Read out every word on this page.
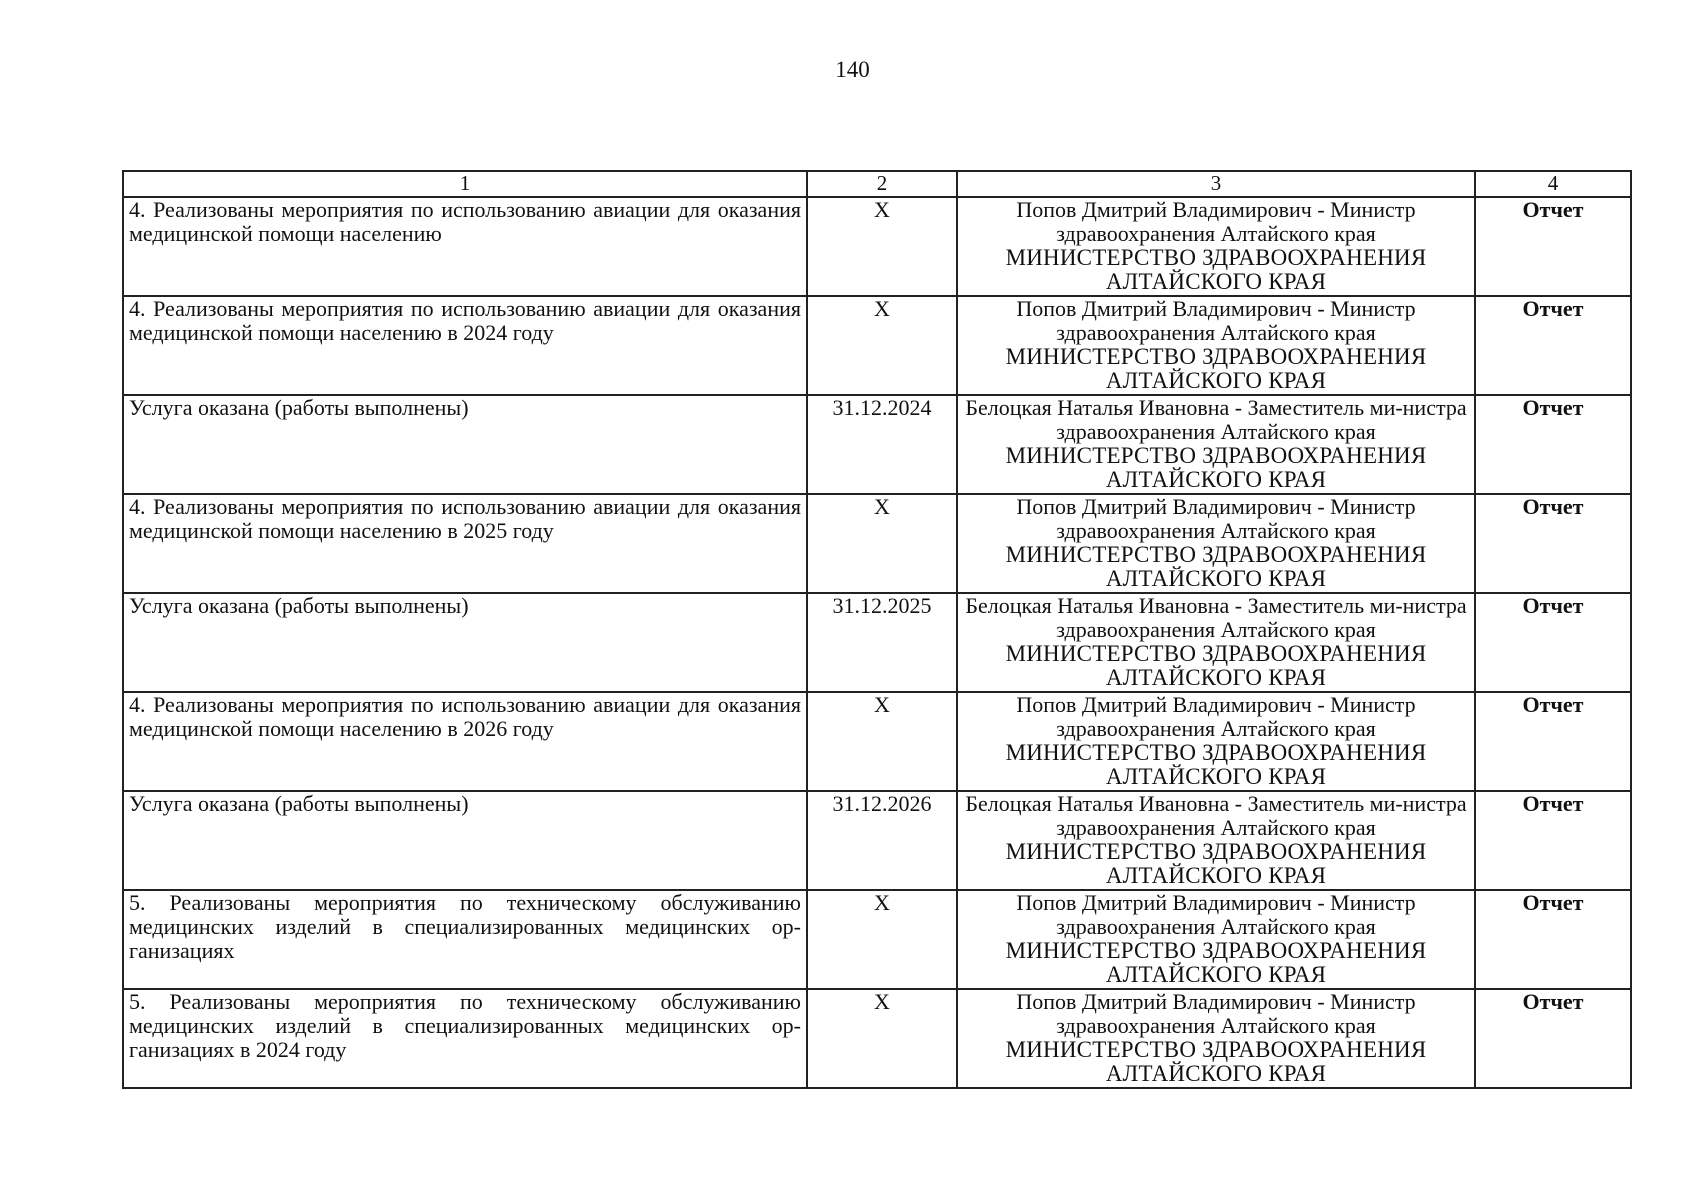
140
1	2	3	4
4. Реализованы мероприятия по использованию авиации для оказания медицинской помощи населению	X	Попов Дмитрий Владимирович - Министр здравоохранения Алтайского края
МИНИСТЕРСТВО ЗДРАВООХРАНЕНИЯ АЛТАЙСКОГО КРАЯ	Отчет
4. Реализованы мероприятия по использованию авиации для оказания медицинской помощи населению в 2024 году	X	Попов Дмитрий Владимирович - Министр здравоохранения Алтайского края
МИНИСТЕРСТВО ЗДРАВООХРАНЕНИЯ АЛТАЙСКОГО КРАЯ	Отчет
Услуга оказана (работы выполнены)	31.12.2024	Белоцкая Наталья Ивановна - Заместитель ми-нистра здравоохранения Алтайского края
МИНИСТЕРСТВО ЗДРАВООХРАНЕНИЯ АЛТАЙСКОГО КРАЯ	Отчет
4. Реализованы мероприятия по использованию авиации для оказания медицинской помощи населению в 2025 году	X	Попов Дмитрий Владимирович - Министр здравоохранения Алтайского края
МИНИСТЕРСТВО ЗДРАВООХРАНЕНИЯ АЛТАЙСКОГО КРАЯ	Отчет
Услуга оказана (работы выполнены)	31.12.2025	Белоцкая Наталья Ивановна - Заместитель ми-нистра здравоохранения Алтайского края
МИНИСТЕРСТВО ЗДРАВООХРАНЕНИЯ АЛТАЙСКОГО КРАЯ	Отчет
4. Реализованы мероприятия по использованию авиации для оказания медицинской помощи населению в 2026 году	X	Попов Дмитрий Владимирович - Министр здравоохранения Алтайского края
МИНИСТЕРСТВО ЗДРАВООХРАНЕНИЯ АЛТАЙСКОГО КРАЯ	Отчет
Услуга оказана (работы выполнены)	31.12.2026	Белоцкая Наталья Ивановна - Заместитель ми-нистра здравоохранения Алтайского края
МИНИСТЕРСТВО ЗДРАВООХРАНЕНИЯ АЛТАЙСКОГО КРАЯ	Отчет
5. Реализованы мероприятия по техническому обслуживанию медицинских изделий в специализированных медицинских ор-ганизациях	X	Попов Дмитрий Владимирович - Министр здравоохранения Алтайского края
МИНИСТЕРСТВО ЗДРАВООХРАНЕНИЯ АЛТАЙСКОГО КРАЯ	Отчет
5. Реализованы мероприятия по техническому обслуживанию медицинских изделий в специализированных медицинских ор-ганизациях в 2024 году	X	Попов Дмитрий Владимирович - Министр здравоохранения Алтайского края
МИНИСТЕРСТВО ЗДРАВООХРАНЕНИЯ АЛТАЙСКОГО КРАЯ	Отчет
